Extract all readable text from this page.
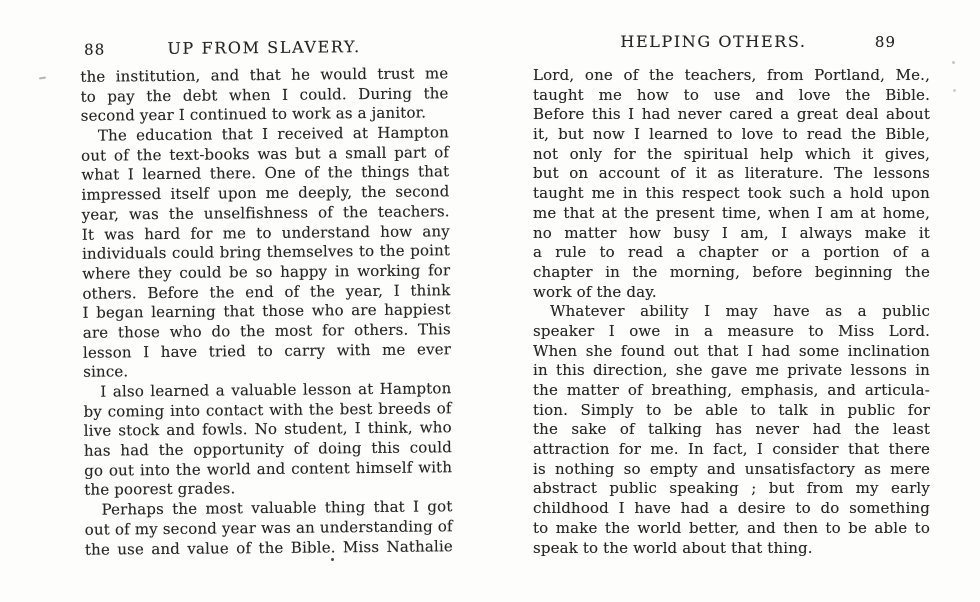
88	UP FROM SLAVERY.
the institution, and that he would trust me
to pay the debt when I could. During the
second year I continued to work as a janitor.
The education that I received at Hampton
out of the text-books was but a small part of
what I learned there. One of the things that
impressed itself upon me deeply, the second
year, was the unselfishness of the teachers.
It was hard for me to understand how any
individuals could bring themselves to the point
where they could be so happy in working for
others. Before the end of the year, I think
I began learning that those who are happiest
are those who do the most for others. This
lesson I have tried to carry with me ever
since.
I also learned a valuable lesson at Hampton
by coming into contact with the best breeds of
live stock and fowls. No student, I think, who
has had the opportunity of doing this could
go out into the world and content himself with
the poorest grades.
Perhaps the most valuable thing that I got
out of my second year was an understanding of
the use and value of the Bible. Miss Nathalie
HELPING OTHERS.	89
Lord, one of the teachers, from Portland, Me.,
taught me how to use and love the Bible.
Before this I had never cared a great deal about
it, but now I learned to love to read the Bible,
not only for the spiritual help which it gives,
but on account of it as literature. The lessons
taught me in this respect took such a hold upon
me that at the present time, when I am at home,
no matter how busy I am, I always make it
a rule to read a chapter or a portion of a
chapter in the morning, before beginning the
work of the day.
Whatever ability I may have as a public
speaker I owe in a measure to Miss Lord.
When she found out that I had some inclination
in this direction, she gave me private lessons in
the matter of breathing, emphasis, and articula-
tion. Simply to be able to talk in public for
the sake of talking has never had the least
attraction for me. In fact, I consider that there
is nothing so empty and unsatisfactory as mere
abstract public speaking ; but from my early
childhood I have had a desire to do something
to make the world better, and then to be able to
speak to the world about that thing.
